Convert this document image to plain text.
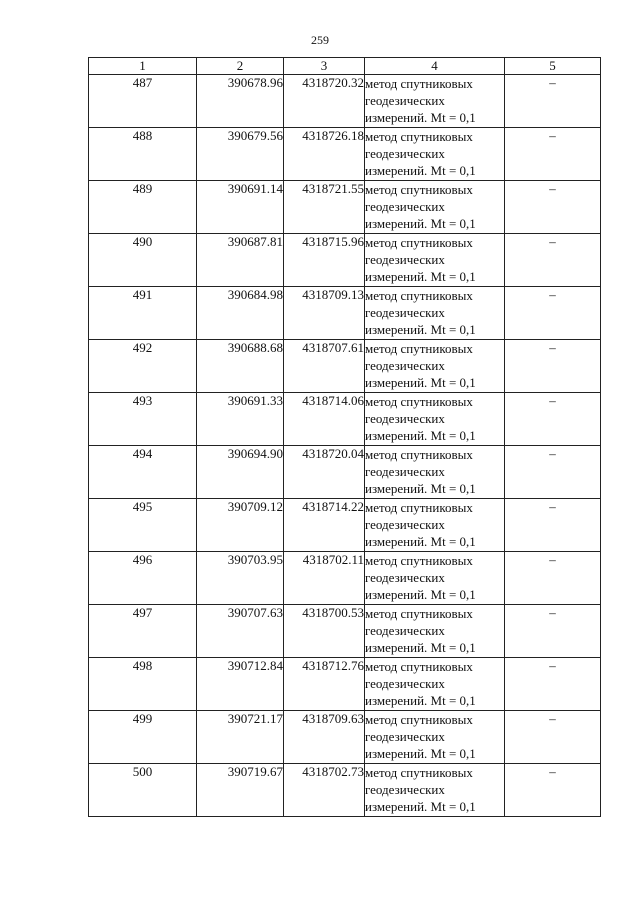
259
1	2	3	4	5
487	390678.96	4318720.32	метод спутниковых
геодезических
измерений. Mt = 0,1	–
488	390679.56	4318726.18	метод спутниковых
геодезических
измерений. Mt = 0,1	–
489	390691.14	4318721.55	метод спутниковых
геодезических
измерений. Mt = 0,1	–
490	390687.81	4318715.96	метод спутниковых
геодезических
измерений. Mt = 0,1	–
491	390684.98	4318709.13	метод спутниковых
геодезических
измерений. Mt = 0,1	–
492	390688.68	4318707.61	метод спутниковых
геодезических
измерений. Mt = 0,1	–
493	390691.33	4318714.06	метод спутниковых
геодезических
измерений. Mt = 0,1	–
494	390694.90	4318720.04	метод спутниковых
геодезических
измерений. Mt = 0,1	–
495	390709.12	4318714.22	метод спутниковых
геодезических
измерений. Mt = 0,1	–
496	390703.95	4318702.11	метод спутниковых
геодезических
измерений. Mt = 0,1	–
497	390707.63	4318700.53	метод спутниковых
геодезических
измерений. Mt = 0,1	–
498	390712.84	4318712.76	метод спутниковых
геодезических
измерений. Mt = 0,1	–
499	390721.17	4318709.63	метод спутниковых
геодезических
измерений. Mt = 0,1	–
500	390719.67	4318702.73	метод спутниковых
геодезических
измерений. Mt = 0,1	–
